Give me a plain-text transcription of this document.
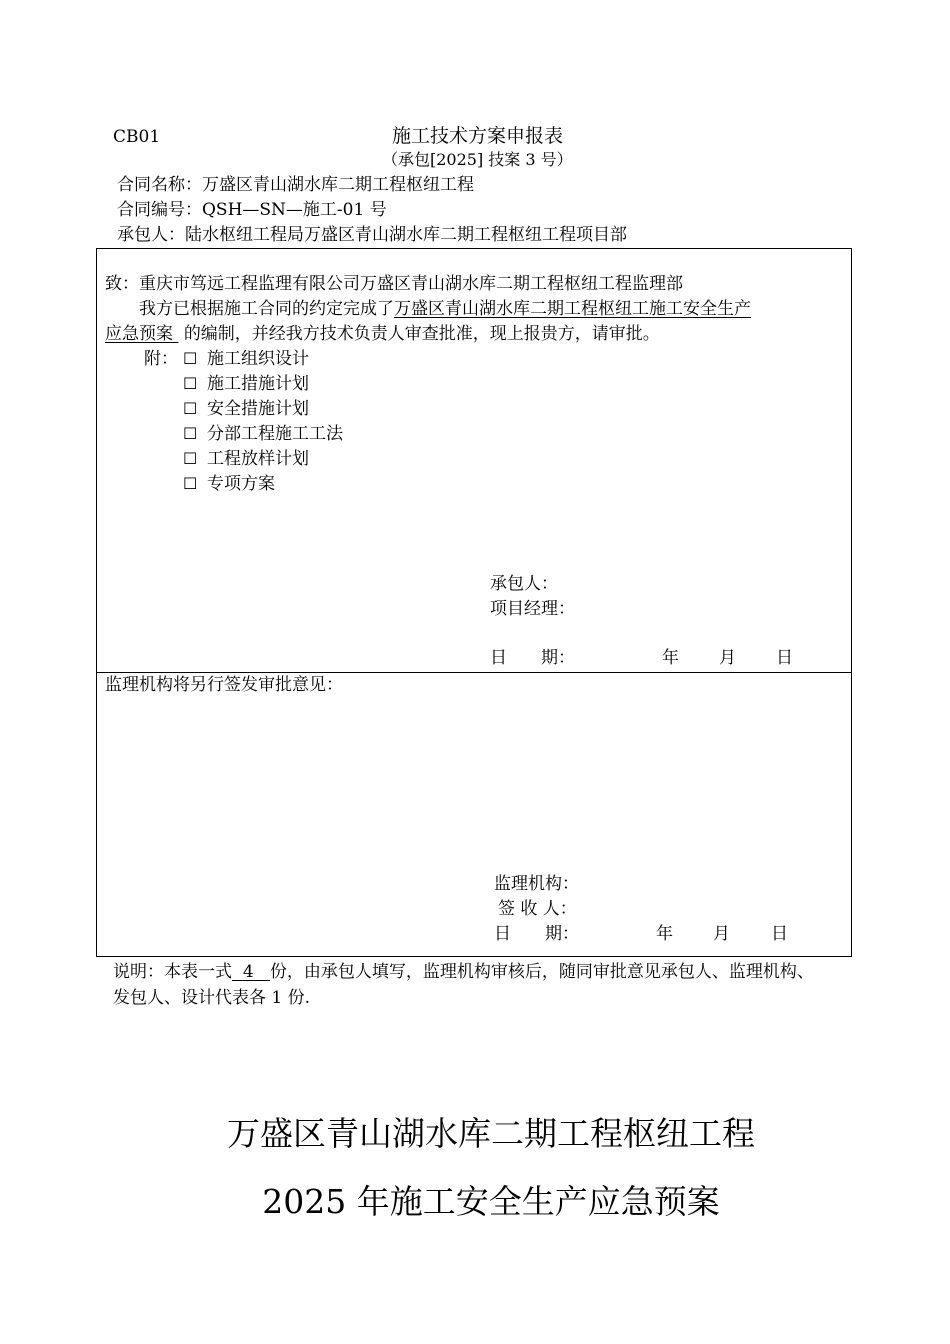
CB01	施工技术方案申报表
（承包[2025] 技案 3 号）
合同名称：万盛区青山湖水库二期工程枢纽工程
合同编号：QSH—SN—施工-01 号
承包人：陆水枢纽工程局万盛区青山湖水库二期工程枢纽工程项目部
致：重庆市笃远工程监理有限公司万盛区青山湖水库二期工程枢纽工程监理部
我方已根据施工合同的约定完成了万盛区青山湖水库二期工程枢纽工施工安全生产
应急预案 的编制，并经我方技术负责人审查批准，现上报贵方，请审批。
附： ☐ 施工组织设计
☐ 施工措施计划
☐ 安全措施计划
☐ 分部工程施工工法
☐ 工程放样计划
☐ 专项方案
承包人：
项目经理：
日　　期：	年 月 日
监理机构将另行签发审批意见：
监理机构：
签 收 人：
日　　期：	年 月 日
说明：本表一式 4 份，由承包人填写，监理机构审核后，随同审批意见承包人、监理机构、
发包人、设计代表各 1 份.
万盛区青山湖水库二期工程枢纽工程
2025 年施工安全生产应急预案
